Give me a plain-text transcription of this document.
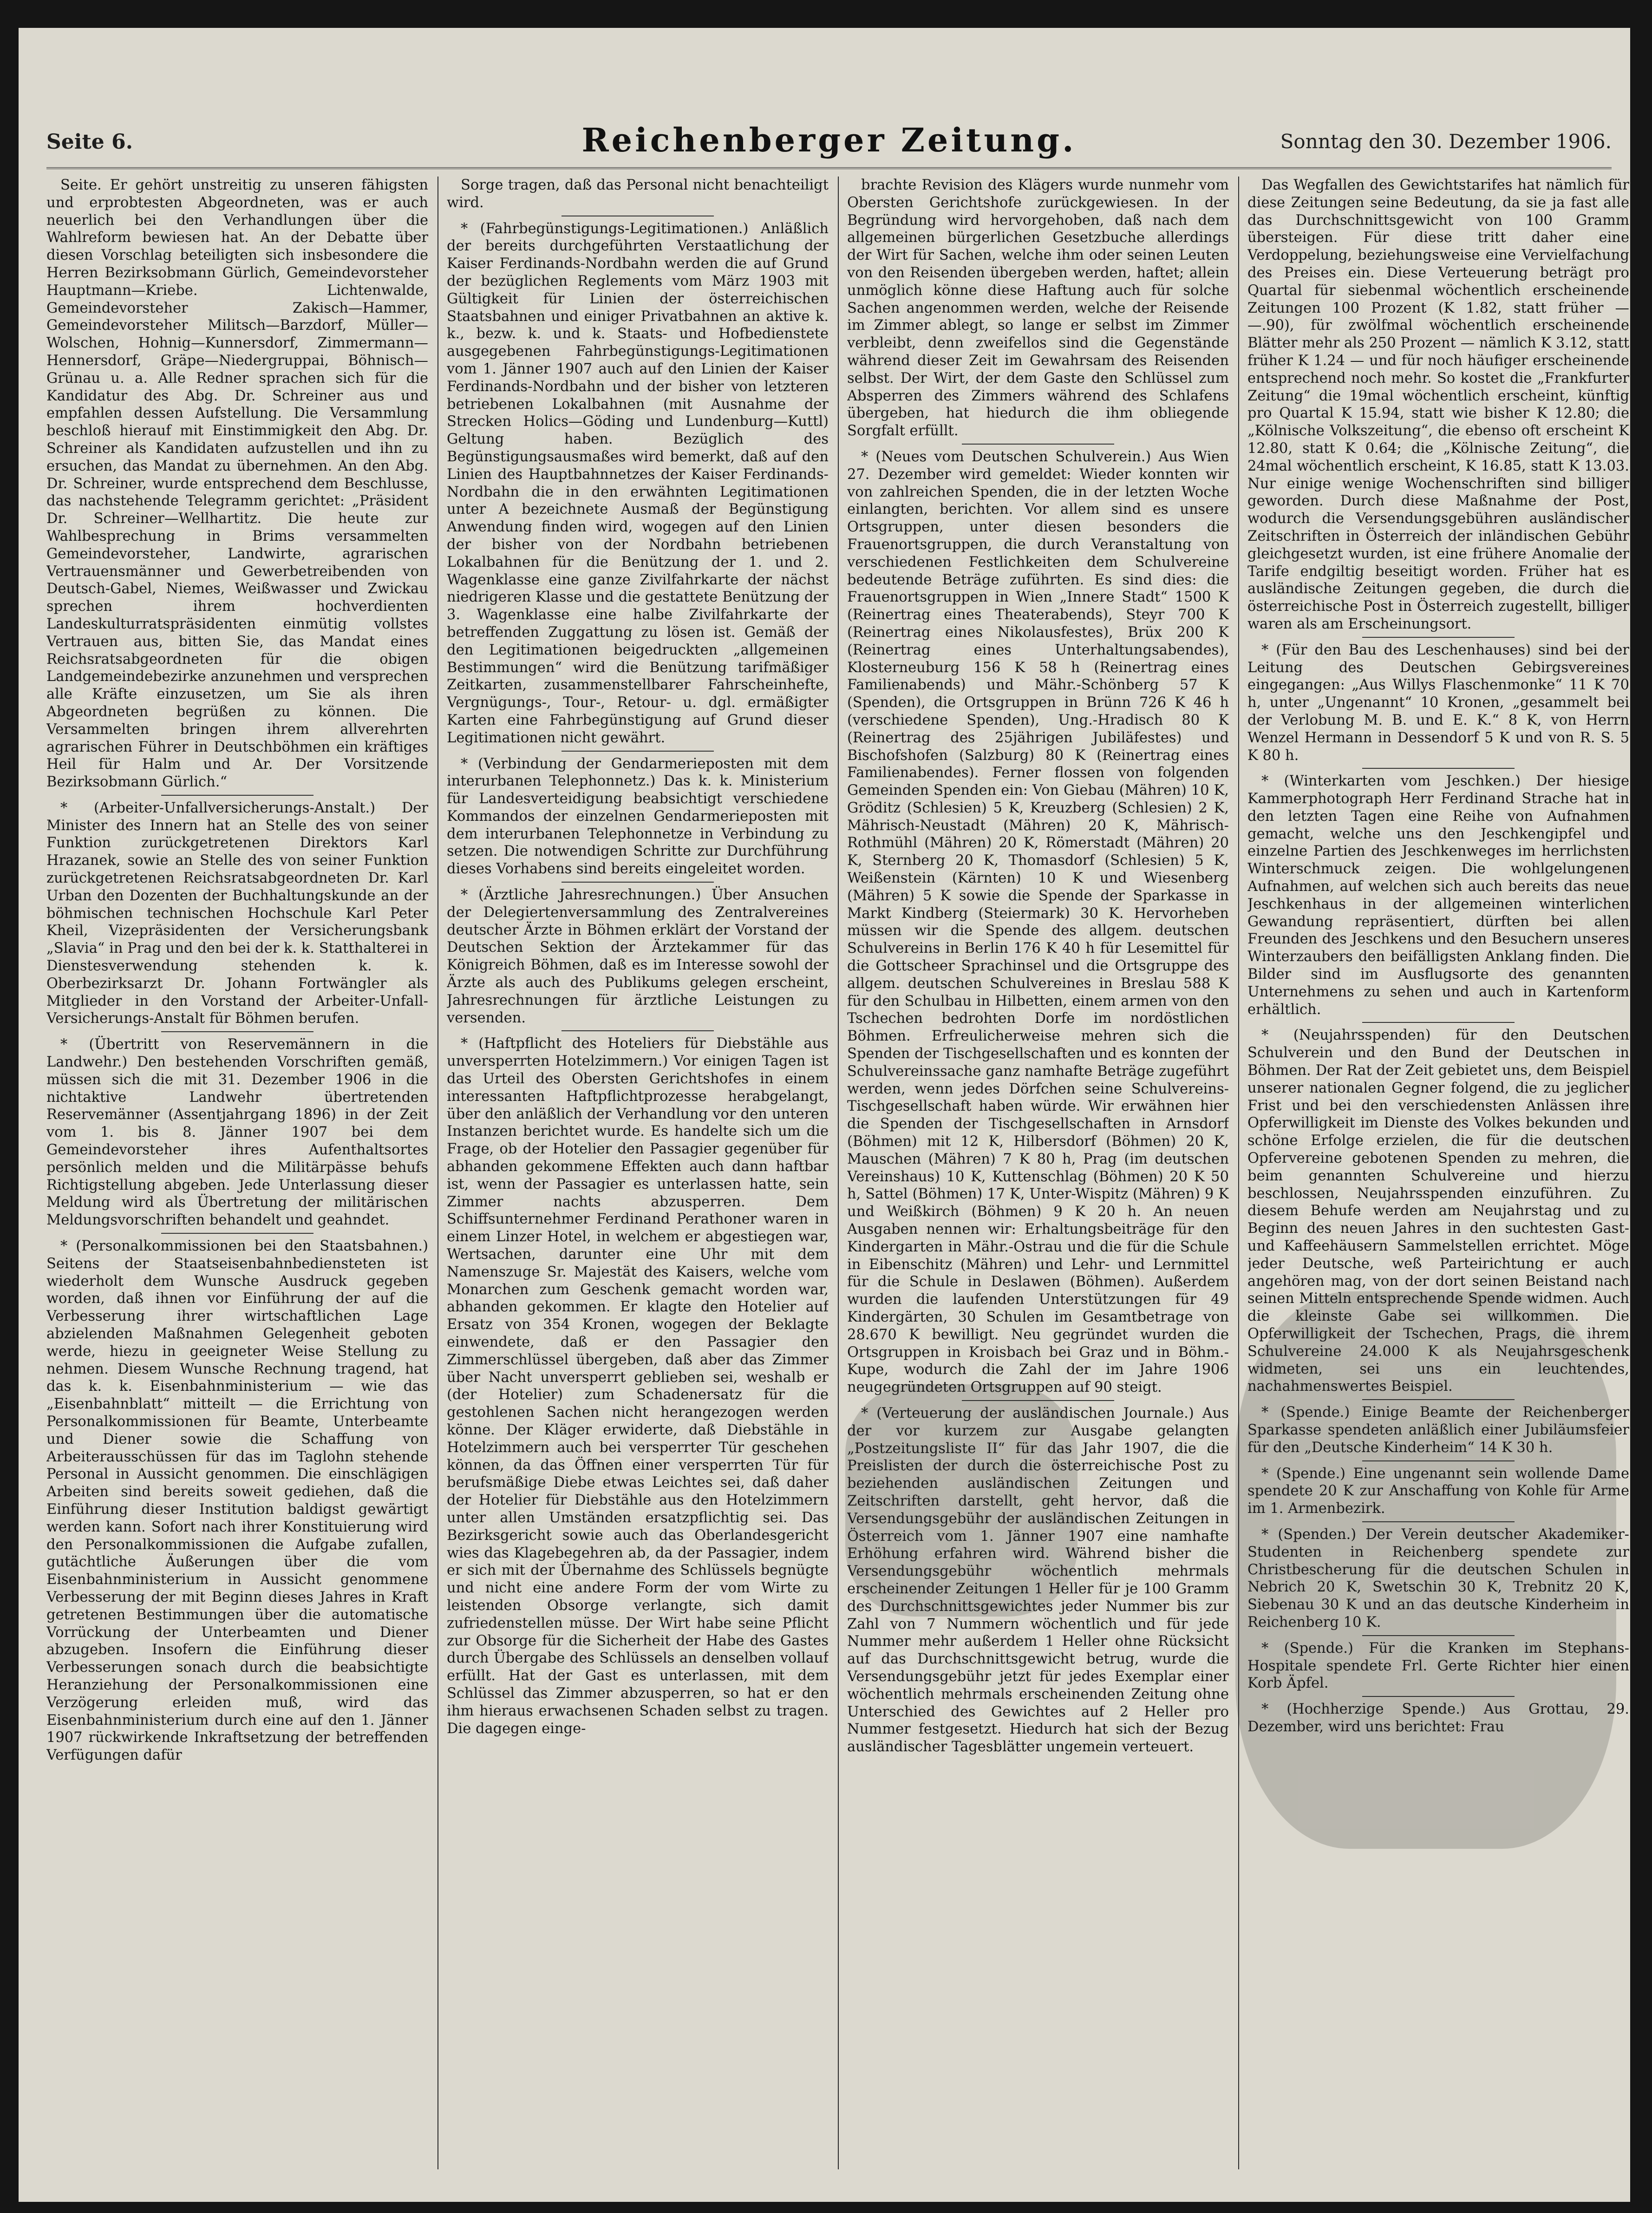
Seite 6.	Reichenberger Zeitung.	Sonntag den 30. Dezember 1906.

Seite. Er gehört unstreitig zu unseren fähigsten und erprobtesten Abgeordneten, was er auch neuerlich bei den Verhandlungen über die Wahlreform bewiesen hat. An der Debatte über diesen Vorschlag beteiligten sich insbesondere die Herren Bezirksobmann Gürlich, Gemeindevorsteher Hauptmann—Kriebe. Lichtenwalde, Gemeindevorsteher Zakisch—Hammer, Gemeindevorsteher Militsch—Barzdorf, Müller—Wolschen, Hohnig—Kunnersdorf, Zimmermann—Hennersdorf, Gräpe—Niedergruppai, Böhnisch—Grünau u. a. Alle Redner sprachen sich für die Kandidatur des Abg. Dr. Schreiner aus und empfahlen dessen Aufstellung. Die Versammlung beschloß hierauf mit Einstimmigkeit den Abg. Dr. Schreiner als Kandidaten aufzustellen und ihn zu ersuchen, das Mandat zu übernehmen. An den Abg. Dr. Schreiner, wurde entsprechend dem Beschlusse, das nachstehende Telegramm gerichtet: „Präsident Dr. Schreiner—Wellhartitz. Die heute zur Wahlbesprechung in Brims versammelten Gemeindevorsteher, Landwirte, agrarischen Vertrauensmänner und Gewerbetreibenden von Deutsch-Gabel, Niemes, Weißwasser und Zwickau sprechen ihrem hochverdienten Landeskulturratspräsidenten einmütig vollstes Vertrauen aus, bitten Sie, das Mandat eines Reichsratsabgeordneten für die obigen Landgemeindebezirke anzunehmen und versprechen alle Kräfte einzusetzen, um Sie als ihren Abgeordneten begrüßen zu können. Die Versammelten bringen ihrem allverehrten agrarischen Führer in Deutschböhmen ein kräftiges Heil für Halm und Ar. Der Vorsitzende Bezirksobmann Gürlich.“

* (Arbeiter-Unfallversicherungs-Anstalt.) Der Minister des Innern hat an Stelle des von seiner Funktion zurückgetretenen Direktors Karl Hrazanek, sowie an Stelle des von seiner Funktion zurückgetretenen Reichsratsabgeordneten Dr. Karl Urban den Dozenten der Buchhaltungskunde an der böhmischen technischen Hochschule Karl Peter Kheil, Vizepräsidenten der Versicherungsbank „Slavia“ in Prag und den bei der k. k. Statthalterei in Dienstesverwendung stehenden k. k. Oberbezirksarzt Dr. Johann Fortwängler als Mitglieder in den Vorstand der Arbeiter-Unfall-Versicherungs-Anstalt für Böhmen berufen.

* (Übertritt von Reservemännern in die Landwehr.) Den bestehenden Vorschriften gemäß, müssen sich die mit 31. Dezember 1906 in die nichtaktive Landwehr übertretenden Reservemänner (Assentjahrgang 1896) in der Zeit vom 1. bis 8. Jänner 1907 bei dem Gemeindevorsteher ihres Aufenthaltsortes persönlich melden und die Militärpässe behufs Richtigstellung abgeben. Jede Unterlassung dieser Meldung wird als Übertretung der militärischen Meldungsvorschriften behandelt und geahndet.

* (Personalkommissionen bei den Staatsbahnen.) Seitens der Staatseisenbahnbediensteten ist wiederholt dem Wunsche Ausdruck gegeben worden, daß ihnen vor Einführung der auf die Verbesserung ihrer wirtschaftlichen Lage abzielenden Maßnahmen Gelegenheit geboten werde, hiezu in geeigneter Weise Stellung zu nehmen. Diesem Wunsche Rechnung tragend, hat das k. k. Eisenbahnministerium — wie das „Eisenbahnblatt“ mitteilt — die Errichtung von Personalkommissionen für Beamte, Unterbeamte und Diener sowie die Schaffung von Arbeiterausschüssen für das im Taglohn stehende Personal in Aussicht genommen. Die einschlägigen Arbeiten sind bereits soweit gediehen, daß die Einführung dieser Institution baldigst gewärtigt werden kann. Sofort nach ihrer Konstituierung wird den Personalkommissionen die Aufgabe zufallen, gutächtliche Äußerungen über die vom Eisenbahnministerium in Aussicht genommene Verbesserung der mit Beginn dieses Jahres in Kraft getretenen Bestimmungen über die automatische Vorrückung der Unterbeamten und Diener abzugeben. Insofern die Einführung dieser Verbesserungen sonach durch die beabsichtigte Heranziehung der Personalkommissionen eine Verzögerung erleiden muß, wird das Eisenbahnministerium durch eine auf den 1. Jänner 1907 rückwirkende Inkraftsetzung der betreffenden Verfügungen dafür

Sorge tragen, daß das Personal nicht benachteiligt wird.

* (Fahrbegünstigungs-Legitimationen.) Anläßlich der bereits durchgeführten Verstaatlichung der Kaiser Ferdinands-Nordbahn werden die auf Grund der bezüglichen Reglements vom März 1903 mit Gültigkeit für Linien der österreichischen Staatsbahnen und einiger Privatbahnen an aktive k. k., bezw. k. und k. Staats- und Hofbedienstete ausgegebenen Fahrbegünstigungs-Legitimationen vom 1. Jänner 1907 auch auf den Linien der Kaiser Ferdinands-Nordbahn und der bisher von letzteren betriebenen Lokalbahnen (mit Ausnahme der Strecken Holics—Göding und Lundenburg—Kuttl) Geltung haben. Bezüglich des Begünstigungsausmaßes wird bemerkt, daß auf den Linien des Hauptbahnnetzes der Kaiser Ferdinands-Nordbahn die in den erwähnten Legitimationen unter A bezeichnete Ausmaß der Begünstigung Anwendung finden wird, wogegen auf den Linien der bisher von der Nordbahn betriebenen Lokalbahnen für die Benützung der 1. und 2. Wagenklasse eine ganze Zivilfahrkarte der nächst niedrigeren Klasse und die gestattete Benützung der 3. Wagenklasse eine halbe Zivilfahrkarte der betreffenden Zuggattung zu lösen ist. Gemäß der den Legitimationen beigedruckten „allgemeinen Bestimmungen“ wird die Benützung tarifmäßiger Zeitkarten, zusammenstellbarer Fahrscheinhefte, Vergnügungs-, Tour-, Retour- u. dgl. ermäßigter Karten eine Fahrbegünstigung auf Grund dieser Legitimationen nicht gewährt.

* (Verbindung der Gendarmerieposten mit dem interurbanen Telephonnetz.) Das k. k. Ministerium für Landesverteidigung beabsichtigt verschiedene Kommandos der einzelnen Gendarmerieposten mit dem interurbanen Telephonnetze in Verbindung zu setzen. Die notwendigen Schritte zur Durchführung dieses Vorhabens sind bereits eingeleitet worden.

* (Ärztliche Jahresrechnungen.) Über Ansuchen der Delegiertenversammlung des Zentralvereines deutscher Ärzte in Böhmen erklärt der Vorstand der Deutschen Sektion der Ärztekammer für das Königreich Böhmen, daß es im Interesse sowohl der Ärzte als auch des Publikums gelegen erscheint, Jahresrechnungen für ärztliche Leistungen zu versenden.

* (Haftpflicht des Hoteliers für Diebstähle aus unversperrten Hotelzimmern.) Vor einigen Tagen ist das Urteil des Obersten Gerichtshofes in einem interessanten Haftpflichtprozesse herabgelangt, über den anläßlich der Verhandlung vor den unteren Instanzen berichtet wurde. Es handelte sich um die Frage, ob der Hotelier den Passagier gegenüber für abhanden gekommene Effekten auch dann haftbar ist, wenn der Passagier es unterlassen hatte, sein Zimmer nachts abzusperren. Dem Schiffsunternehmer Ferdinand Perathoner waren in einem Linzer Hotel, in welchem er abgestiegen war, Wertsachen, darunter eine Uhr mit dem Namenszuge Sr. Majestät des Kaisers, welche vom Monarchen zum Geschenk gemacht worden war, abhanden gekommen. Er klagte den Hotelier auf Ersatz von 354 Kronen, wogegen der Beklagte einwendete, daß er den Passagier den Zimmerschlüssel übergeben, daß aber das Zimmer über Nacht unversperrt geblieben sei, weshalb er (der Hotelier) zum Schadenersatz für die gestohlenen Sachen nicht herangezogen werden könne. Der Kläger erwiderte, daß Diebstähle in Hotelzimmern auch bei versperrter Tür geschehen können, da das Öffnen einer versperrten Tür für berufsmäßige Diebe etwas Leichtes sei, daß daher der Hotelier für Diebstähle aus den Hotelzimmern unter allen Umständen ersatzpflichtig sei. Das Bezirksgericht sowie auch das Oberlandesgericht wies das Klagebegehren ab, da der Passagier, indem er sich mit der Übernahme des Schlüssels begnügte und nicht eine andere Form der vom Wirte zu leistenden Obsorge verlangte, sich damit zufriedenstellen müsse. Der Wirt habe seine Pflicht zur Obsorge für die Sicherheit der Habe des Gastes durch Übergabe des Schlüssels an denselben vollauf erfüllt. Hat der Gast es unterlassen, mit dem Schlüssel das Zimmer abzusperren, so hat er den ihm hieraus erwachsenen Schaden selbst zu tragen. Die dagegen einge-

brachte Revision des Klägers wurde nunmehr vom Obersten Gerichtshofe zurückgewiesen. In der Begründung wird hervorgehoben, daß nach dem allgemeinen bürgerlichen Gesetzbuche allerdings der Wirt für Sachen, welche ihm oder seinen Leuten von den Reisenden übergeben werden, haftet; allein unmöglich könne diese Haftung auch für solche Sachen angenommen werden, welche der Reisende im Zimmer ablegt, so lange er selbst im Zimmer verbleibt, denn zweifellos sind die Gegenstände während dieser Zeit im Gewahrsam des Reisenden selbst. Der Wirt, der dem Gaste den Schlüssel zum Absperren des Zimmers während des Schlafens übergeben, hat hiedurch die ihm obliegende Sorgfalt erfüllt.

* (Neues vom Deutschen Schulverein.) Aus Wien 27. Dezember wird gemeldet: Wieder konnten wir von zahlreichen Spenden, die in der letzten Woche einlangten, berichten. Vor allem sind es unsere Ortsgruppen, unter diesen besonders die Frauenortsgruppen, die durch Veranstaltung von verschiedenen Festlichkeiten dem Schulvereine bedeutende Beträge zuführten. Es sind dies: die Frauenortsgruppen in Wien „Innere Stadt“ 1500 K (Reinertrag eines Theaterabends), Steyr 700 K (Reinertrag eines Nikolausfestes), Brüx 200 K (Reinertrag eines Unterhaltungsabendes), Klosterneuburg 156 K 58 h (Reinertrag eines Familienabends) und Mähr.-Schönberg 57 K (Spenden), die Ortsgruppen in Brünn 726 K 46 h (verschiedene Spenden), Ung.-Hradisch 80 K (Reinertrag des 25jährigen Jubiläfestes) und Bischofshofen (Salzburg) 80 K (Reinertrag eines Familienabendes). Ferner flossen von folgenden Gemeinden Spenden ein: Von Giebau (Mähren) 10 K, Gröditz (Schlesien) 5 K, Kreuzberg (Schlesien) 2 K, Mährisch-Neustadt (Mähren) 20 K, Mährisch-Rothmühl (Mähren) 20 K, Römerstadt (Mähren) 20 K, Sternberg 20 K, Thomasdorf (Schlesien) 5 K, Weißenstein (Kärnten) 10 K und Wiesenberg (Mähren) 5 K sowie die Spende der Sparkasse in Markt Kindberg (Steiermark) 30 K. Hervorheben müssen wir die Spende des allgem. deutschen Schulvereins in Berlin 176 K 40 h für Lesemittel für die Gottscheer Sprachinsel und die Ortsgruppe des allgem. deutschen Schulvereines in Breslau 588 K für den Schulbau in Hilbetten, einem armen von den Tschechen bedrohten Dorfe im nordöstlichen Böhmen. Erfreulicherweise mehren sich die Spenden der Tischgesellschaften und es konnten der Schulvereinssache ganz namhafte Beträge zugeführt werden, wenn jedes Dörfchen seine Schulvereins-Tischgesellschaft haben würde. Wir erwähnen hier die Spenden der Tischgesellschaften in Arnsdorf (Böhmen) mit 12 K, Hilbersdorf (Böhmen) 20 K, Mauschen (Mähren) 7 K 80 h, Prag (im deutschen Vereinshaus) 10 K, Kuttenschlag (Böhmen) 20 K 50 h, Sattel (Böhmen) 17 K, Unter-Wispitz (Mähren) 9 K und Weißkirch (Böhmen) 9 K 20 h. An neuen Ausgaben nennen wir: Erhaltungsbeiträge für den Kindergarten in Mähr.-Ostrau und die für die Schule in Eibenschitz (Mähren) und Lehr- und Lernmittel für die Schule in Deslawen (Böhmen). Außerdem wurden die laufenden Unterstützungen für 49 Kindergärten, 30 Schulen im Gesamtbetrage von 28.670 K bewilligt. Neu gegründet wurden die Ortsgruppen in Kroisbach bei Graz und in Böhm.-Kupe, wodurch die Zahl der im Jahre 1906 neugegründeten Ortsgruppen auf 90 steigt.

* (Verteuerung der ausländischen Journale.) Aus der vor kurzem zur Ausgabe gelangten „Postzeitungsliste II“ für das Jahr 1907, die die Preislisten der durch die österreichische Post zu beziehenden ausländischen Zeitungen und Zeitschriften darstellt, geht hervor, daß die Versendungsgebühr der ausländischen Zeitungen in Österreich vom 1. Jänner 1907 eine namhafte Erhöhung erfahren wird. Während bisher die Versendungsgebühr wöchentlich mehrmals erscheinender Zeitungen 1 Heller für je 100 Gramm des Durchschnittsgewichtes jeder Nummer bis zur Zahl von 7 Nummern wöchentlich und für jede Nummer mehr außerdem 1 Heller ohne Rücksicht auf das Durchschnittsgewicht betrug, wurde die Versendungsgebühr jetzt für jedes Exemplar einer wöchentlich mehrmals erscheinenden Zeitung ohne Unterschied des Gewichtes auf 2 Heller pro Nummer festgesetzt. Hiedurch hat sich der Bezug ausländischer Tagesblätter ungemein verteuert.

Das Wegfallen des Gewichtstarifes hat nämlich für diese Zeitungen seine Bedeutung, da sie ja fast alle das Durchschnittsgewicht von 100 Gramm übersteigen. Für diese tritt daher eine Verdoppelung, beziehungsweise eine Vervielfachung des Preises ein. Diese Verteuerung beträgt pro Quartal für siebenmal wöchentlich erscheinende Zeitungen 100 Prozent (K 1.82, statt früher — —.90), für zwölfmal wöchentlich erscheinende Blätter mehr als 250 Prozent — nämlich K 3.12, statt früher K 1.24 — und für noch häufiger erscheinende entsprechend noch mehr. So kostet die „Frankfurter Zeitung“ die 19mal wöchentlich erscheint, künftig pro Quartal K 15.94, statt wie bisher K 12.80; die „Kölnische Volkszeitung“, die ebenso oft erscheint K 12.80, statt K 0.64; die „Kölnische Zeitung“, die 24mal wöchentlich erscheint, K 16.85, statt K 13.03. Nur einige wenige Wochenschriften sind billiger geworden. Durch diese Maßnahme der Post, wodurch die Versendungsgebühren ausländischer Zeitschriften in Österreich der inländischen Gebühr gleichgesetzt wurden, ist eine frühere Anomalie der Tarife endgiltig beseitigt worden. Früher hat es ausländische Zeitungen gegeben, die durch die österreichische Post in Österreich zugestellt, billiger waren als am Erscheinungsort.

* (Für den Bau des Leschenhauses) sind bei der Leitung des Deutschen Gebirgsvereines eingegangen: „Aus Willys Flaschenmonke“ 11 K 70 h, unter „Ungenannt“ 10 Kronen, „gesammelt bei der Verlobung M. B. und E. K.“ 8 K, von Herrn Wenzel Hermann in Dessendorf 5 K und von R. S. 5 K 80 h.

* (Winterkarten vom Jeschken.) Der hiesige Kammerphotograph Herr Ferdinand Strache hat in den letzten Tagen eine Reihe von Aufnahmen gemacht, welche uns den Jeschkengipfel und einzelne Partien des Jeschkenweges im herrlichsten Winterschmuck zeigen. Die wohlgelungenen Aufnahmen, auf welchen sich auch bereits das neue Jeschkenhaus in der allgemeinen winterlichen Gewandung repräsentiert, dürften bei allen Freunden des Jeschkens und den Besuchern unseres Winterzaubers den beifälligsten Anklang finden. Die Bilder sind im Ausflugsorte des genannten Unternehmens zu sehen und auch in Kartenform erhältlich.

* (Neujahrsspenden) für den Deutschen Schulverein und den Bund der Deutschen in Böhmen. Der Rat der Zeit gebietet uns, dem Beispiel unserer nationalen Gegner folgend, die zu jeglicher Frist und bei den verschiedensten Anlässen ihre Opferwilligkeit im Dienste des Volkes bekunden und schöne Erfolge erzielen, die für die deutschen Opfervereine gebotenen Spenden zu mehren, die beim genannten Schulvereine und hierzu beschlossen, Neujahrsspenden einzuführen. Zu diesem Behufe werden am Neujahrstag und zu Beginn des neuen Jahres in den suchtesten Gast- und Kaffeehäusern Sammelstellen errichtet. Möge jeder Deutsche, weß Parteirichtung er auch angehören mag, von der dort seinen Beistand nach seinen Mitteln entsprechende Spende widmen. Auch die kleinste Gabe sei willkommen. Die Opferwilligkeit der Tschechen, Prags, die ihrem Schulvereine 24.000 K als Neujahrsgeschenk widmeten, sei uns ein leuchtendes, nachahmenswertes Beispiel.

* (Spende.) Einige Beamte der Reichenberger Sparkasse spendeten anläßlich einer Jubiläumsfeier für den „Deutsche Kinderheim“ 14 K 30 h.

* (Spende.) Eine ungenannt sein wollende Dame spendete 20 K zur Anschaffung von Kohle für Arme im 1. Armenbezirk.

* (Spenden.) Der Verein deutscher Akademiker-Studenten in Reichenberg spendete zur Christbescherung für die deutschen Schulen in Nebrich 20 K, Swetschin 30 K, Trebnitz 20 K, Siebenau 30 K und an das deutsche Kinderheim in Reichenberg 10 K.

* (Spende.) Für die Kranken im Stephans-Hospitale spendete Frl. Gerte Richter hier einen Korb Äpfel.

* (Hochherzige Spende.) Aus Grottau, 29. Dezember, wird uns berichtet: Frau
